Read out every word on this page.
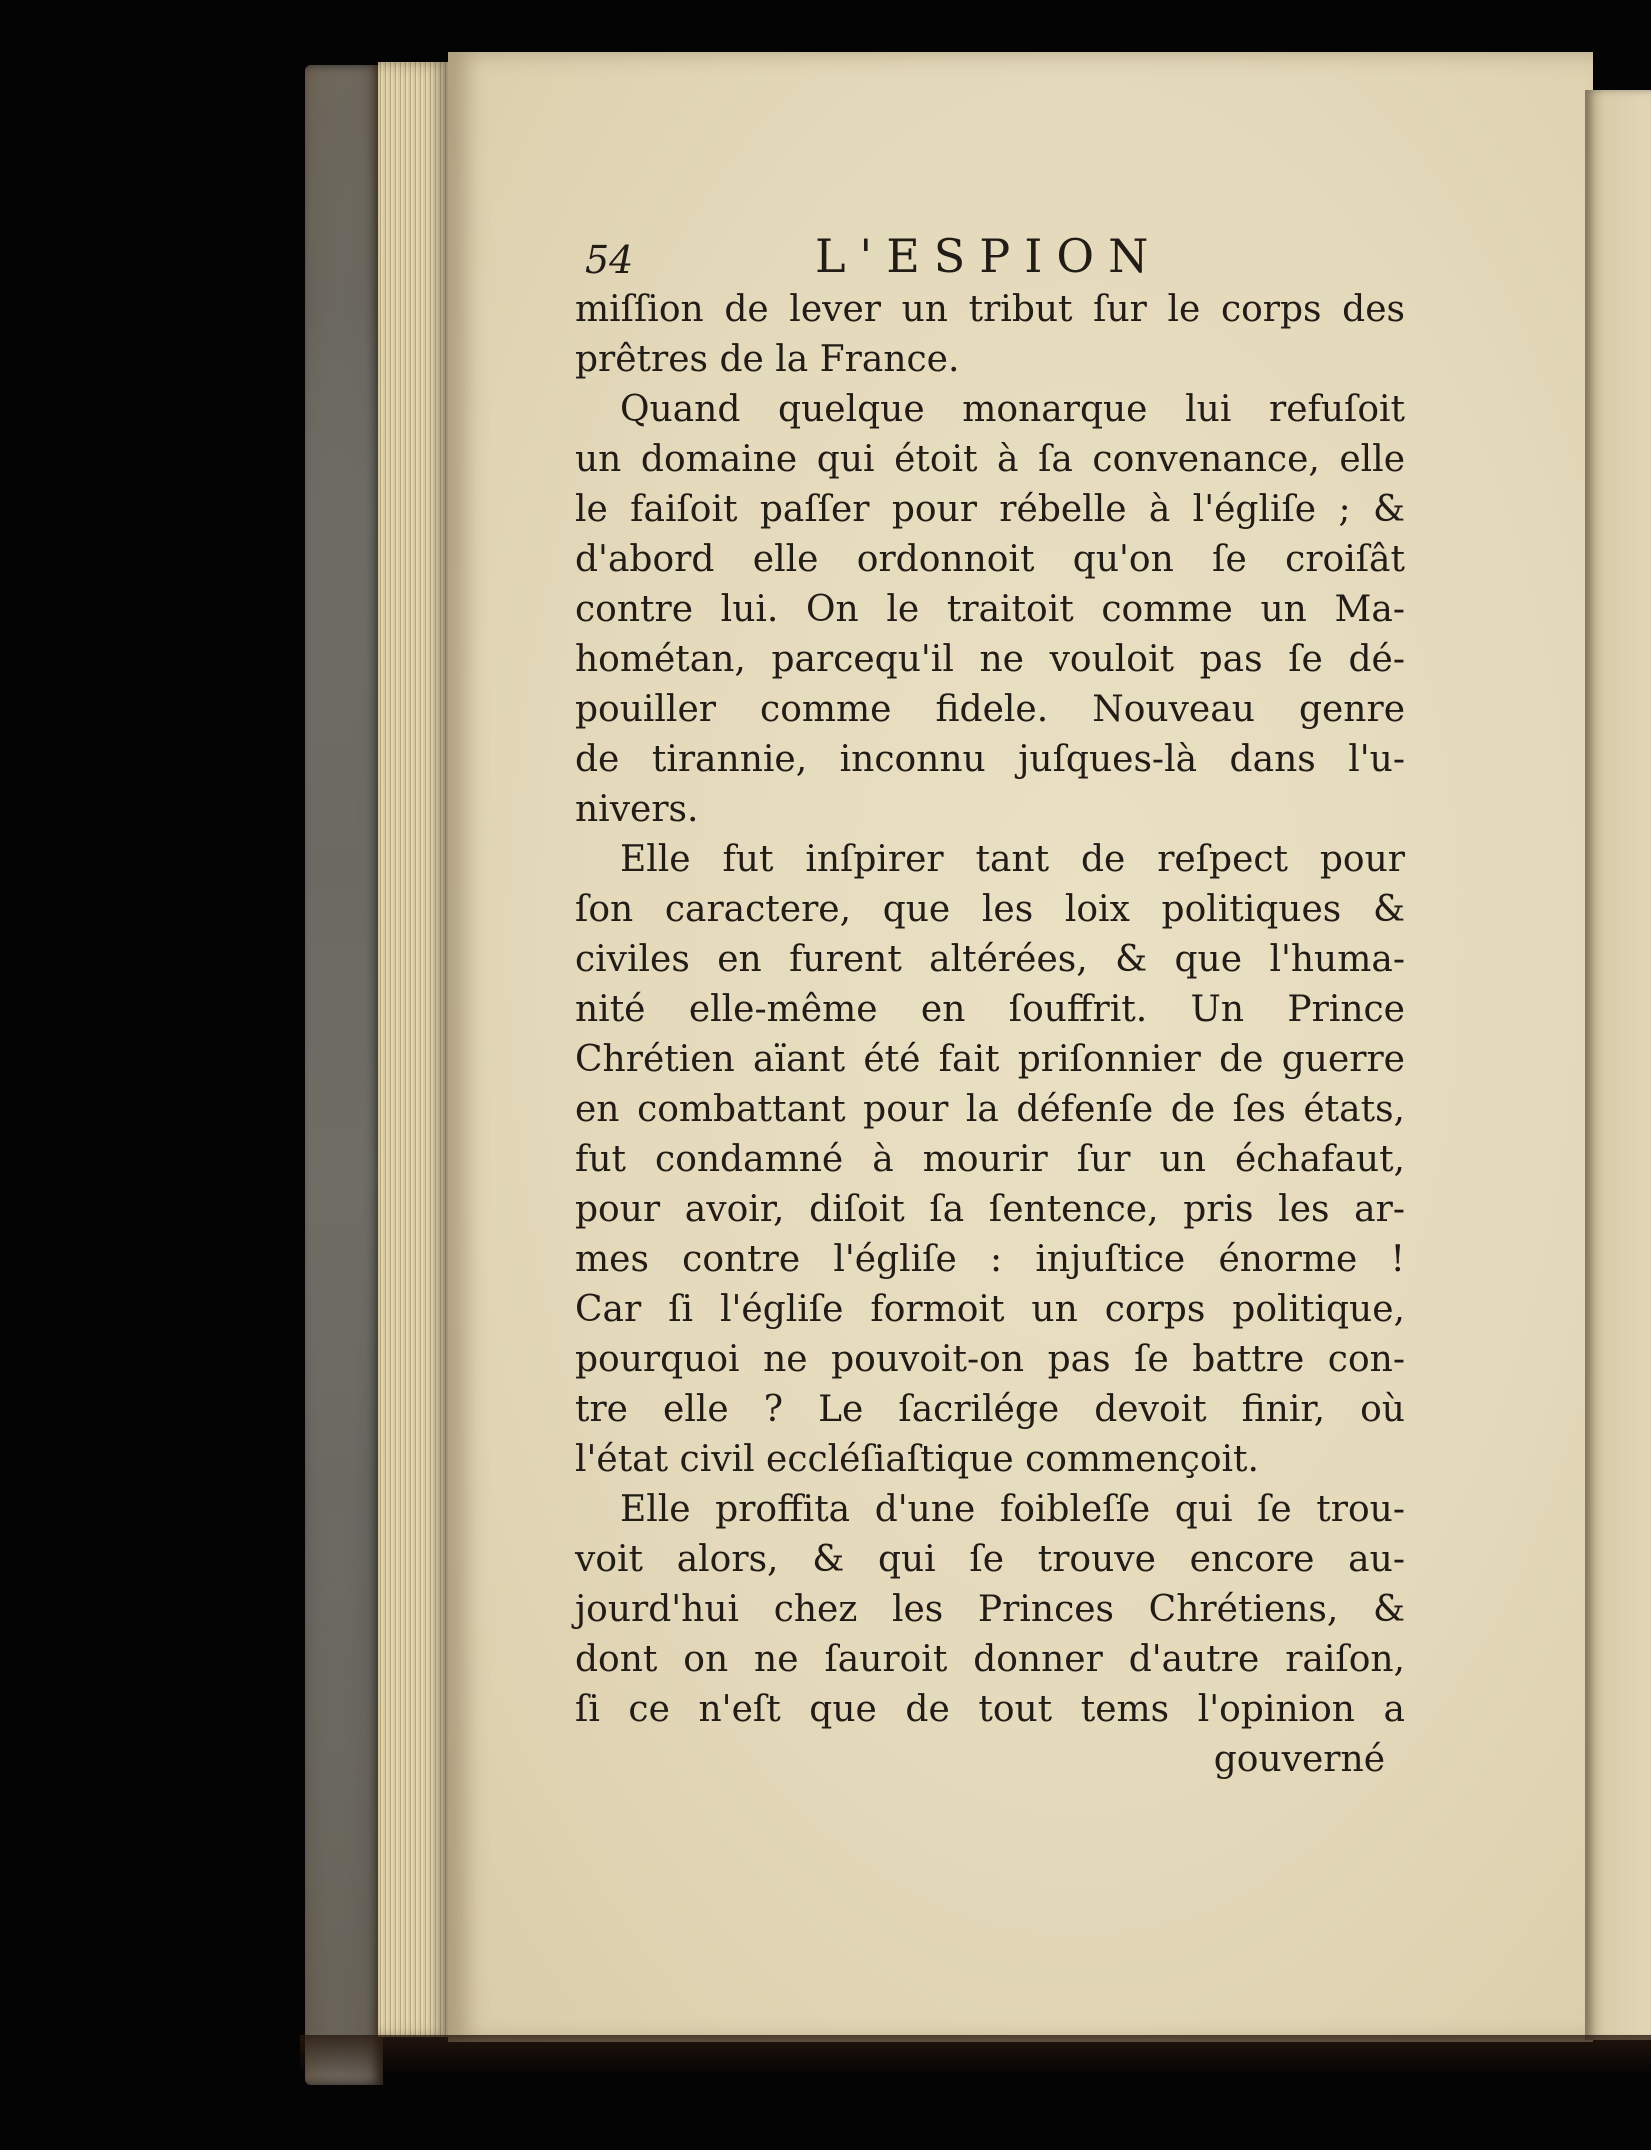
54	L'ESPION
miſſion de lever un tribut ſur le corps des
prêtres de la France.
Quand quelque monarque lui refuſoit
un domaine qui étoit à ſa convenance, elle
le faiſoit paſſer pour rébelle à l'égliſe ; &
d'abord elle ordonnoit qu'on ſe croiſât
contre lui. On le traitoit comme un Ma-
hométan, parcequ'il ne vouloit pas ſe dé-
pouiller comme fidele. Nouveau genre
de tirannie, inconnu juſques-là dans l'u-
nivers.
Elle fut inſpirer tant de reſpect pour
ſon caractere, que les loix politiques &
civiles en furent altérées, & que l'huma-
nité elle-même en ſouffrit. Un Prince
Chrétien aïant été fait priſonnier de guerre
en combattant pour la défenſe de ſes états,
fut condamné à mourir ſur un échafaut,
pour avoir, diſoit ſa ſentence, pris les ar-
mes contre l'égliſe : injuſtice énorme !
Car ſi l'égliſe formoit un corps politique,
pourquoi ne pouvoit-on pas ſe battre con-
tre elle ? Le ſacrilége devoit finir, où
l'état civil eccléſiaſtique commençoit.
Elle proffita d'une foibleſſe qui ſe trou-
voit alors, & qui ſe trouve encore au-
jourd'hui chez les Princes Chrétiens, &
dont on ne ſauroit donner d'autre raiſon,
ſi ce n'eſt que de tout tems l'opinion a
gouverné
